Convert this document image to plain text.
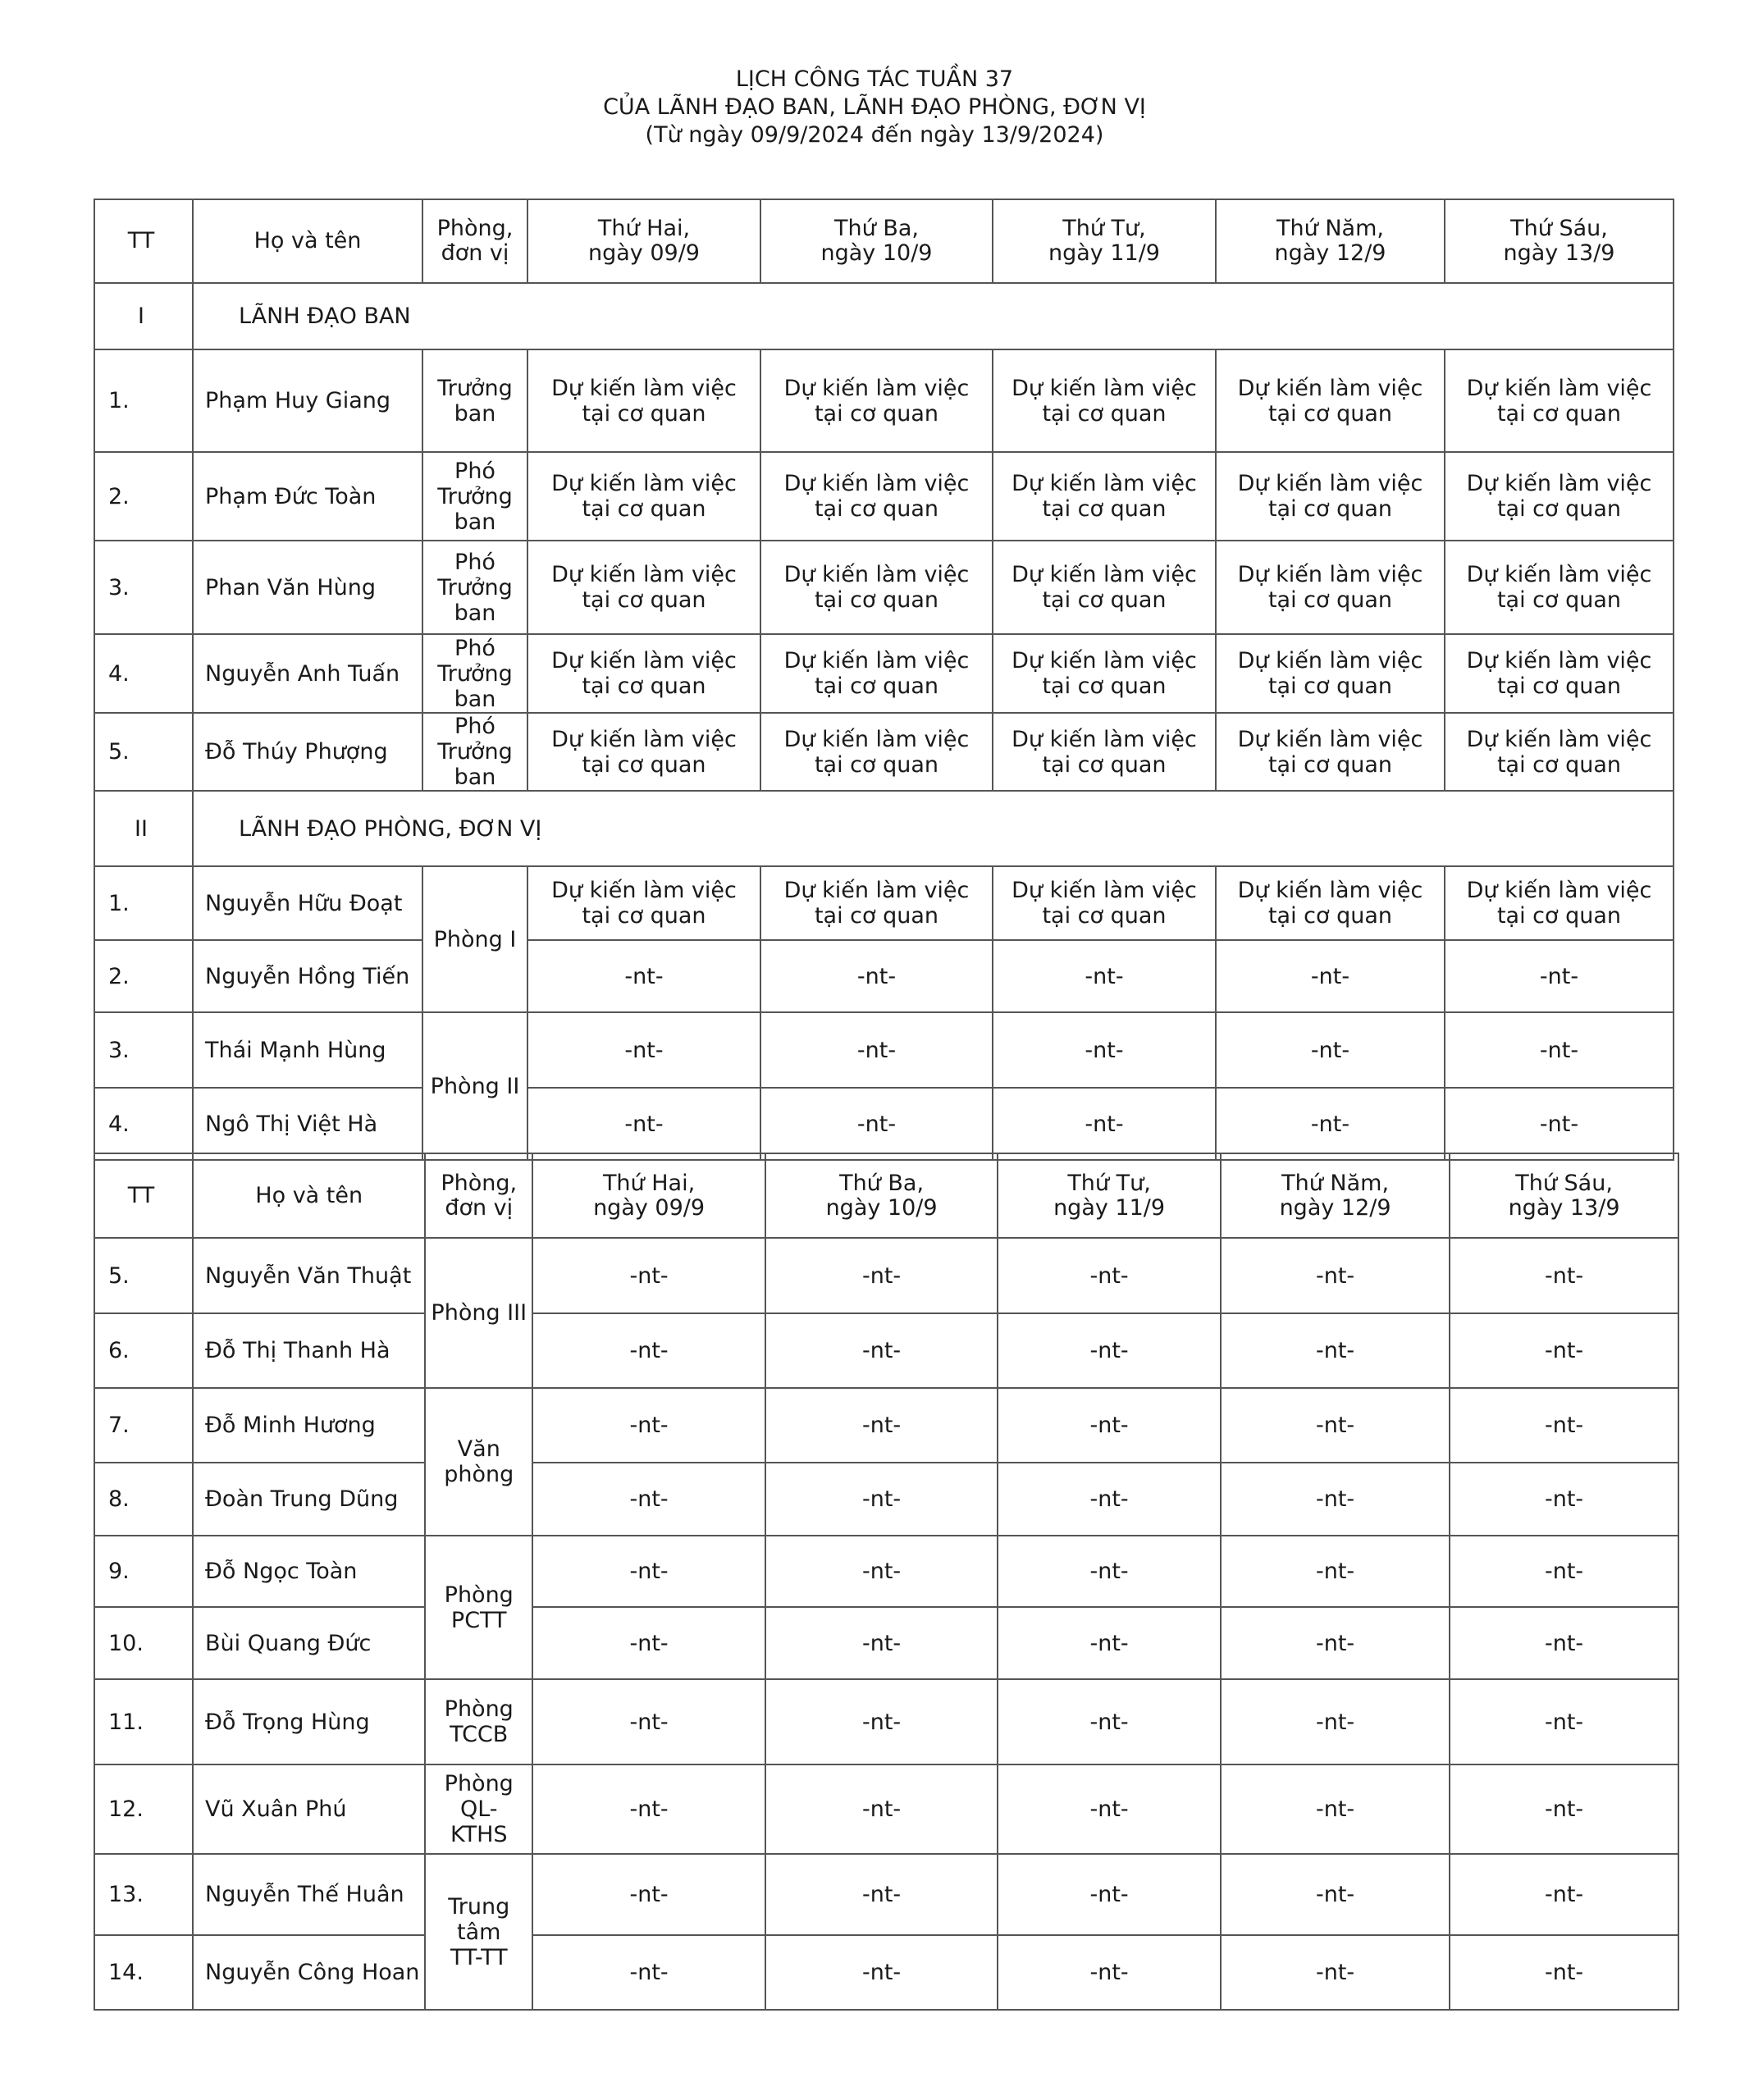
LỊCH CÔNG TÁC TUẦN 37
CỦA LÃNH ĐẠO BAN, LÃNH ĐẠO PHÒNG, ĐƠN VỊ
(Từ ngày 09/9/2024 đến ngày 13/9/2024)
TT	Họ và tên	Phòng,
đơn vị	Thứ Hai,
ngày 09/9	Thứ Ba,
ngày 10/9	Thứ Tư,
ngày 11/9	Thứ Năm,
ngày 12/9	Thứ Sáu,
ngày 13/9

I	LÃNH ĐẠO BAN						

1.	Phạm Huy Giang	Trưởng
ban	Dự kiến làm việc
tại cơ quan	Dự kiến làm việc
tại cơ quan	Dự kiến làm việc
tại cơ quan	Dự kiến làm việc
tại cơ quan	Dự kiến làm việc
tại cơ quan

2.	Phạm Đức Toàn	Phó
Trưởng
ban	Dự kiến làm việc
tại cơ quan	Dự kiến làm việc
tại cơ quan	Dự kiến làm việc
tại cơ quan	Dự kiến làm việc
tại cơ quan	Dự kiến làm việc
tại cơ quan

3.	Phan Văn Hùng	Phó
Trưởng
ban	Dự kiến làm việc
tại cơ quan	Dự kiến làm việc
tại cơ quan	Dự kiến làm việc
tại cơ quan	Dự kiến làm việc
tại cơ quan	Dự kiến làm việc
tại cơ quan

4.	Nguyễn Anh Tuấn	Phó
Trưởng
ban	Dự kiến làm việc
tại cơ quan	Dự kiến làm việc
tại cơ quan	Dự kiến làm việc
tại cơ quan	Dự kiến làm việc
tại cơ quan	Dự kiến làm việc
tại cơ quan

5.	Đỗ Thúy Phượng	Phó
Trưởng
ban	Dự kiến làm việc
tại cơ quan	Dự kiến làm việc
tại cơ quan	Dự kiến làm việc
tại cơ quan	Dự kiến làm việc
tại cơ quan	Dự kiến làm việc
tại cơ quan

II	LÃNH ĐẠO PHÒNG, ĐƠN VỊ						

1.	Nguyễn Hữu Đoạt	Phòng I	Dự kiến làm việc
tại cơ quan	Dự kiến làm việc
tại cơ quan	Dự kiến làm việc
tại cơ quan	Dự kiến làm việc
tại cơ quan	Dự kiến làm việc
tại cơ quan

2.	Nguyễn Hồng Tiến		-nt-	-nt-	-nt-	-nt-	-nt-

3.	Thái Mạnh Hùng	Phòng II	-nt-	-nt-	-nt-	-nt-	-nt-

4.	Ngô Thị Việt Hà		-nt-	-nt-	-nt-	-nt-	-nt-
TT	Họ và tên	Phòng,
đơn vị	Thứ Hai,
ngày 09/9	Thứ Ba,
ngày 10/9	Thứ Tư,
ngày 11/9	Thứ Năm,
ngày 12/9	Thứ Sáu,
ngày 13/9

5.	Nguyễn Văn Thuật	Phòng III	-nt-	-nt-	-nt-	-nt-	-nt-

6.	Đỗ Thị Thanh Hà		-nt-	-nt-	-nt-	-nt-	-nt-

7.	Đỗ Minh Hương	Văn
phòng	-nt-	-nt-	-nt-	-nt-	-nt-

8.	Đoàn Trung Dũng		-nt-	-nt-	-nt-	-nt-	-nt-

9.	Đỗ Ngọc Toàn	Phòng
PCTT	-nt-	-nt-	-nt-	-nt-	-nt-

10.	Bùi Quang Đức		-nt-	-nt-	-nt-	-nt-	-nt-

11.	Đỗ Trọng Hùng	Phòng
TCCB	-nt-	-nt-	-nt-	-nt-	-nt-

12.	Vũ Xuân Phú	Phòng
QL-
KTHS	-nt-	-nt-	-nt-	-nt-	-nt-

13.	Nguyễn Thế Huân	Trung
tâm
TT-TT	-nt-	-nt-	-nt-	-nt-	-nt-

14.	Nguyễn Công Hoan		-nt-	-nt-	-nt-	-nt-	-nt-
